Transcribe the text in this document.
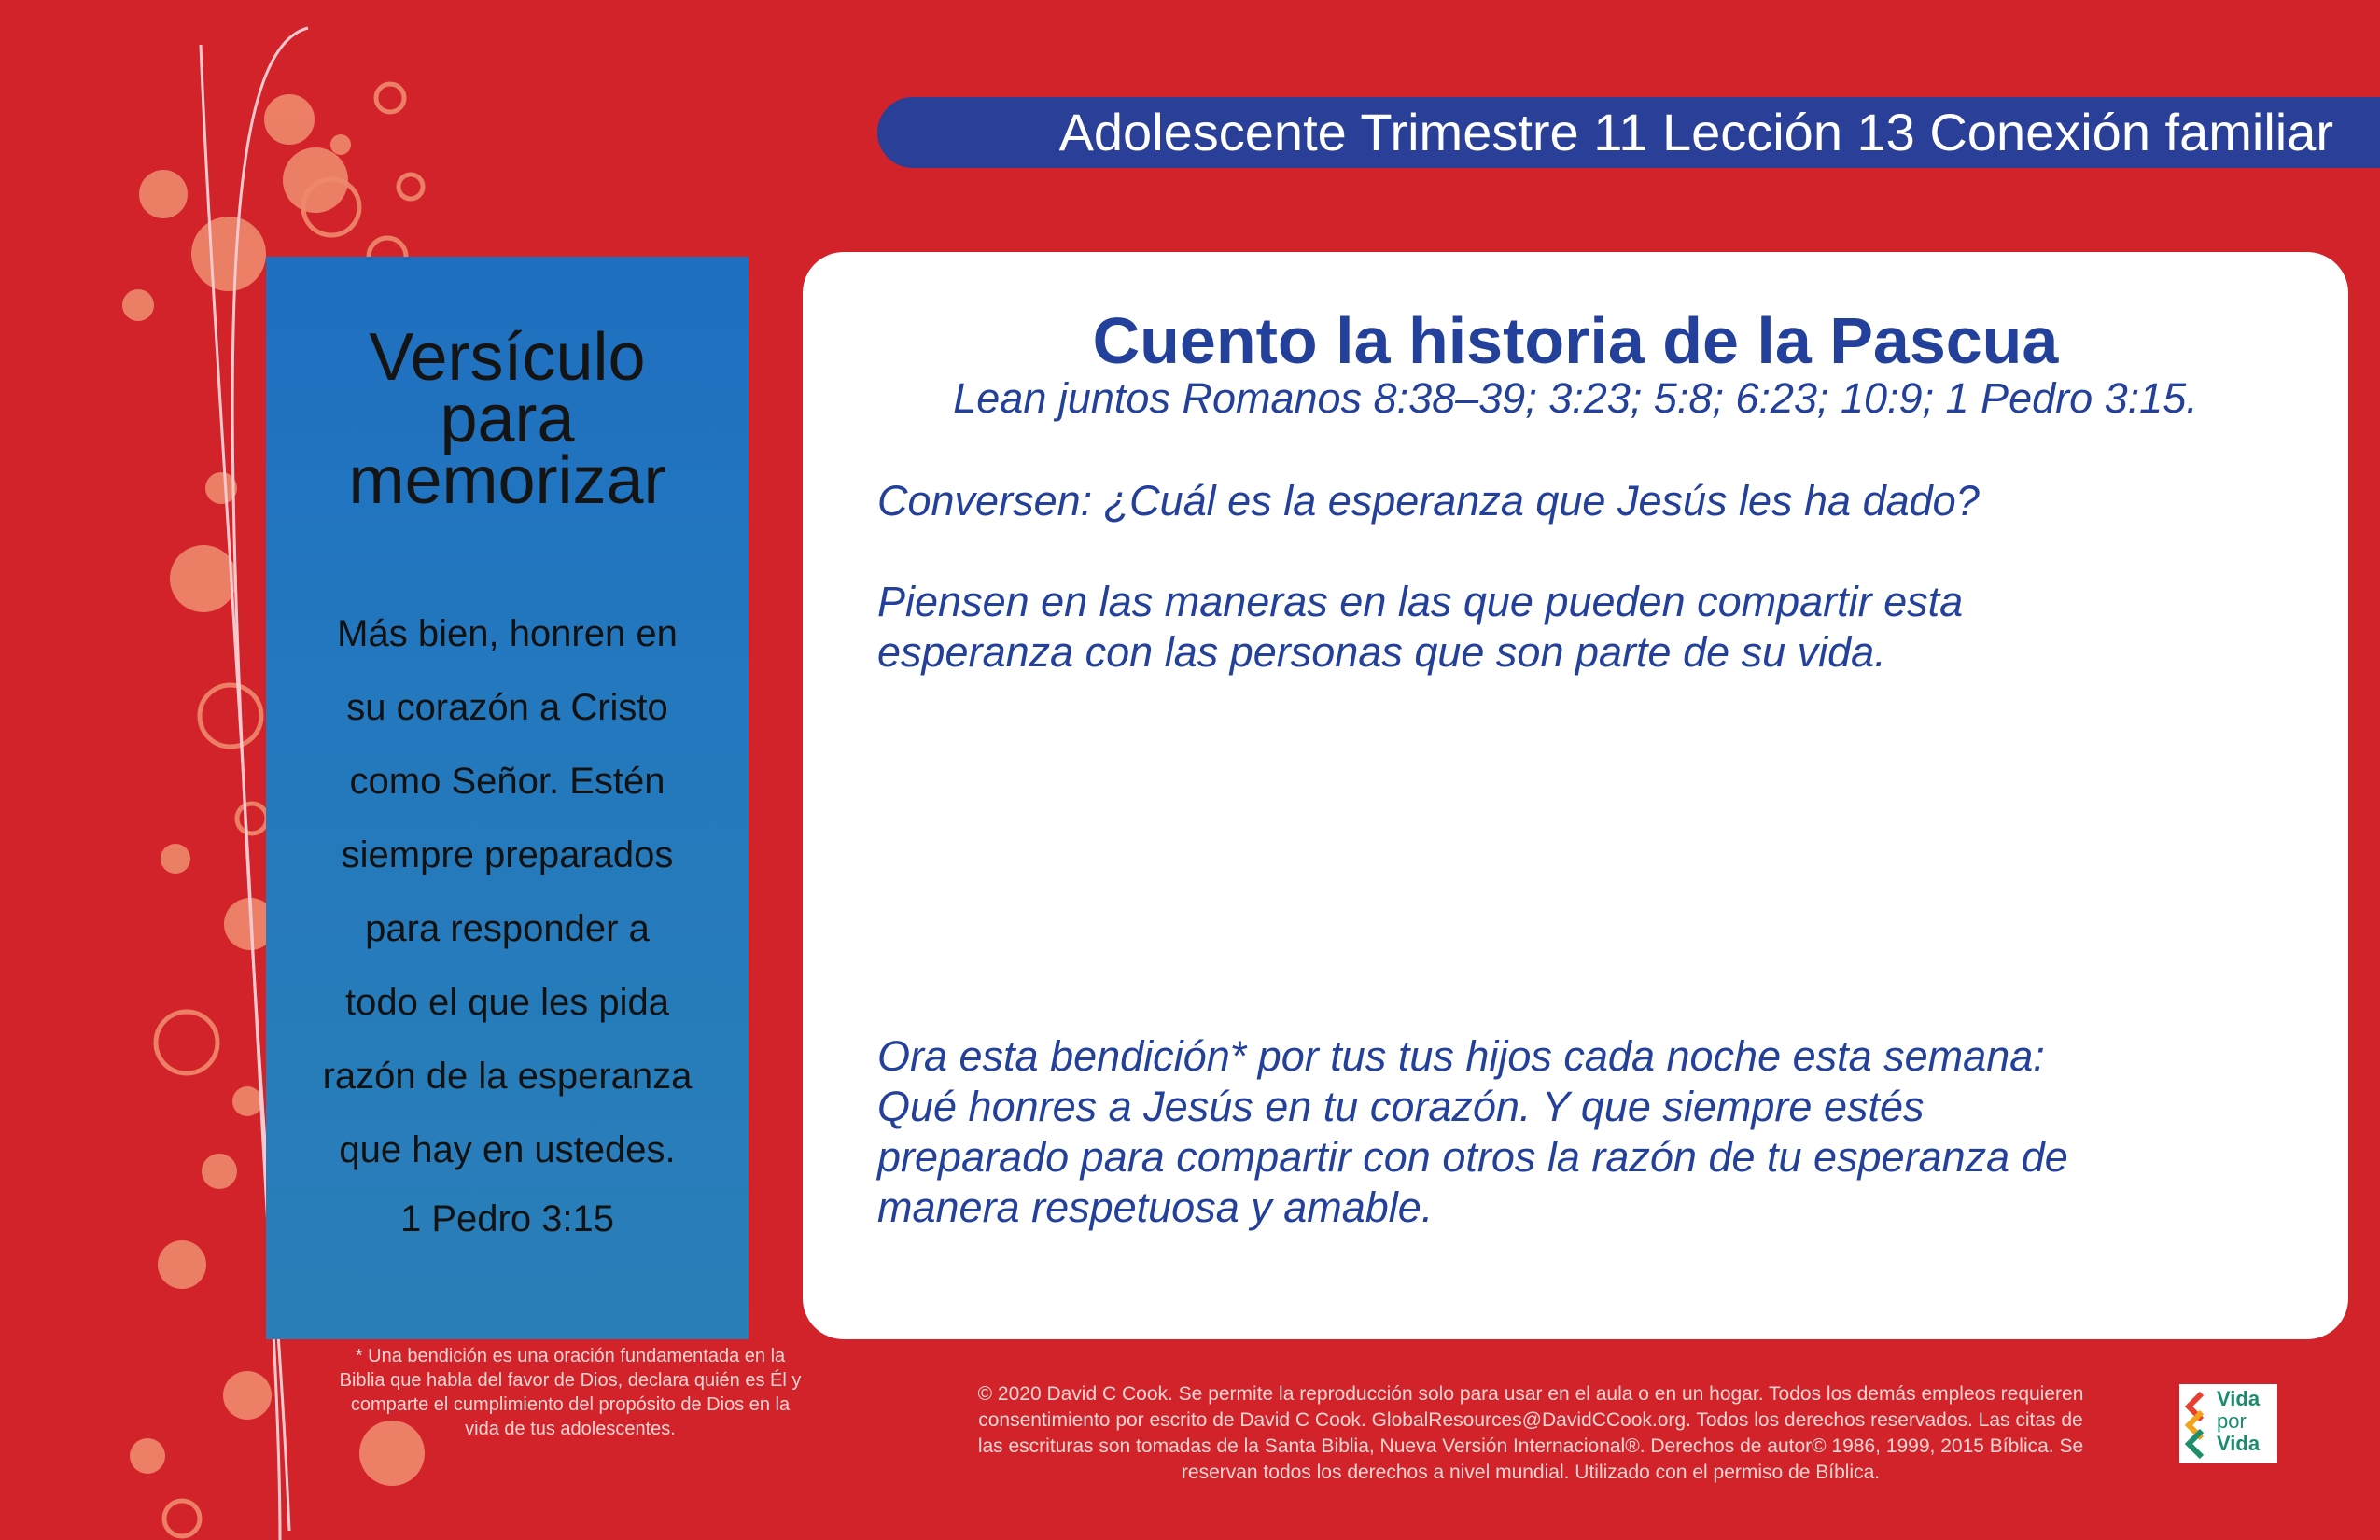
Adolescente Trimestre 11 Lección 13 Conexión familiar
Versículo
para
memorizar
Más bien, honren en
su corazón a Cristo
como Señor. Estén
siempre preparados
para responder a
todo el que les pida
razón de la esperanza
que hay en ustedes.
1 Pedro 3:15
* Una bendición es una oración fundamentada en la
Biblia que habla del favor de Dios, declara quién es Él y
comparte el cumplimiento del propósito de Dios en la
vida de tus adolescentes.
Cuento la historia de la Pascua
Lean juntos Romanos 8:38–39; 3:23; 5:8; 6:23; 10:9; 1 Pedro 3:15.
Conversen: ¿Cuál es la esperanza que Jesús les ha dado?
Piensen en las maneras en las que pueden compartir esta
esperanza con las personas que son parte de su vida.
Ora esta bendición* por tus tus hijos cada noche esta semana:
Qué honres a Jesús en tu corazón. Y que siempre estés
preparado para compartir con otros la razón de tu esperanza de
manera respetuosa y amable.
© 2020 David C Cook. Se permite la reproducción solo para usar en el aula o en un hogar. Todos los demás empleos requieren
consentimiento por escrito de David C Cook. GlobalResources@DavidCCook.org. Todos los derechos reservados. Las citas de
las escrituras son tomadas de la Santa Biblia, Nueva Versión Internacional®. Derechos de autor© 1986, 1999, 2015 Bíblica. Se
reservan todos los derechos a nivel mundial. Utilizado con el permiso de Bíblica.
Vida
por
Vida
